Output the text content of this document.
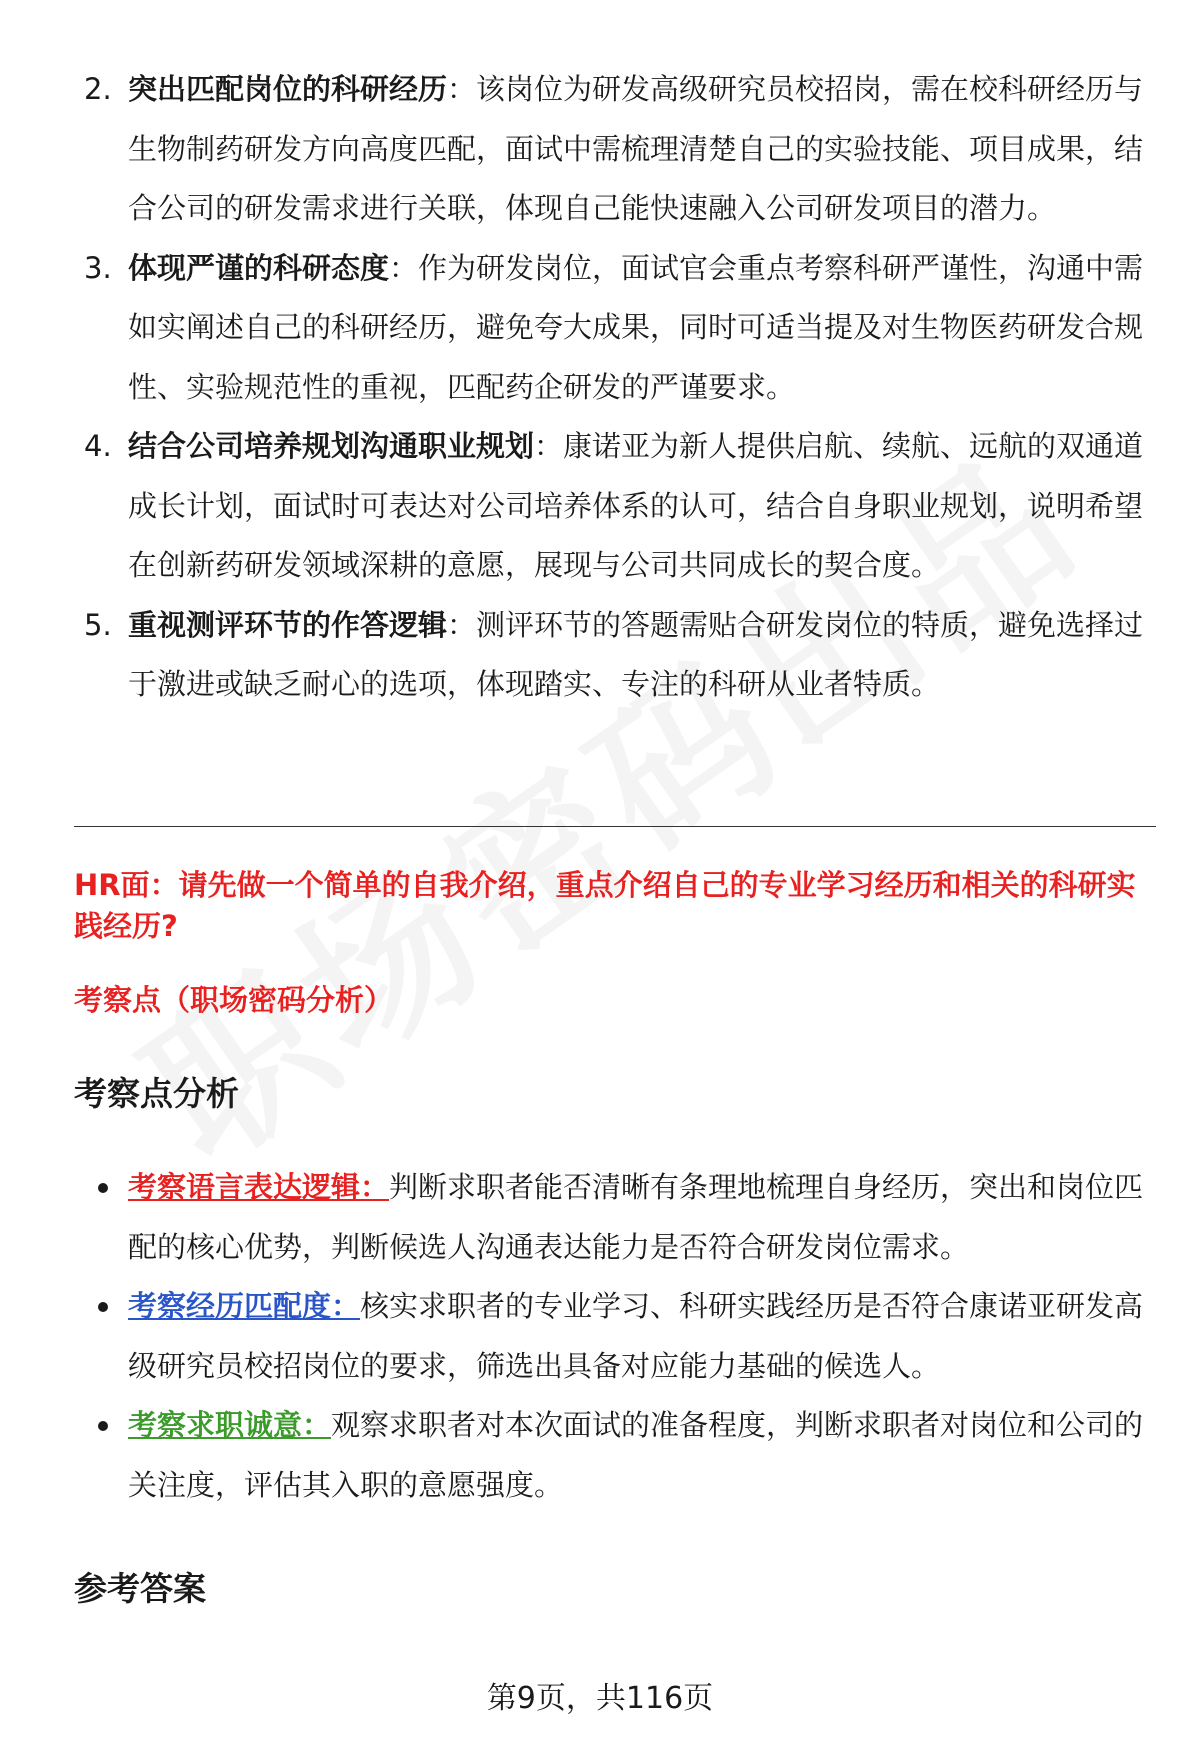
2. 突出匹配岗位的科研经历：该岗位为研发高级研究员校招岗，需在校科研经历与生物制药研发方向高度匹配，面试中需梳理清楚自己的实验技能、项目成果，结合公司的研发需求进行关联，体现自己能快速融入公司研发项目的潜力。
3. 体现严谨的科研态度：作为研发岗位，面试官会重点考察科研严谨性，沟通中需如实阐述自己的科研经历，避免夸大成果，同时可适当提及对生物医药研发合规性、实验规范性的重视，匹配药企研发的严谨要求。
4. 结合公司培养规划沟通职业规划：康诺亚为新人提供启航、续航、远航的双通道成长计划，面试时可表达对公司培养体系的认可，结合自身职业规划，说明希望在创新药研发领域深耕的意愿，展现与公司共同成长的契合度。
5. 重视测评环节的作答逻辑：测评环节的答题需贴合研发岗位的特质，避免选择过于激进或缺乏耐心的选项，体现踏实、专注的科研从业者特质。
HR面：请先做一个简单的自我介绍，重点介绍自己的专业学习经历和相关的科研实践经历?
考察点（职场密码分析）
考察点分析
考察语言表达逻辑：判断求职者能否清晰有条理地梳理自身经历，突出和岗位匹配的核心优势，判断候选人沟通表达能力是否符合研发岗位需求。
考察经历匹配度：核实求职者的专业学习、科研实践经历是否符合康诺亚研发高级研究员校招岗位的要求，筛选出具备对应能力基础的候选人。
考察求职诚意：观察求职者对本次面试的准备程度，判断求职者对岗位和公司的关注度，评估其入职的意愿强度。
参考答案
第9页，共116页
